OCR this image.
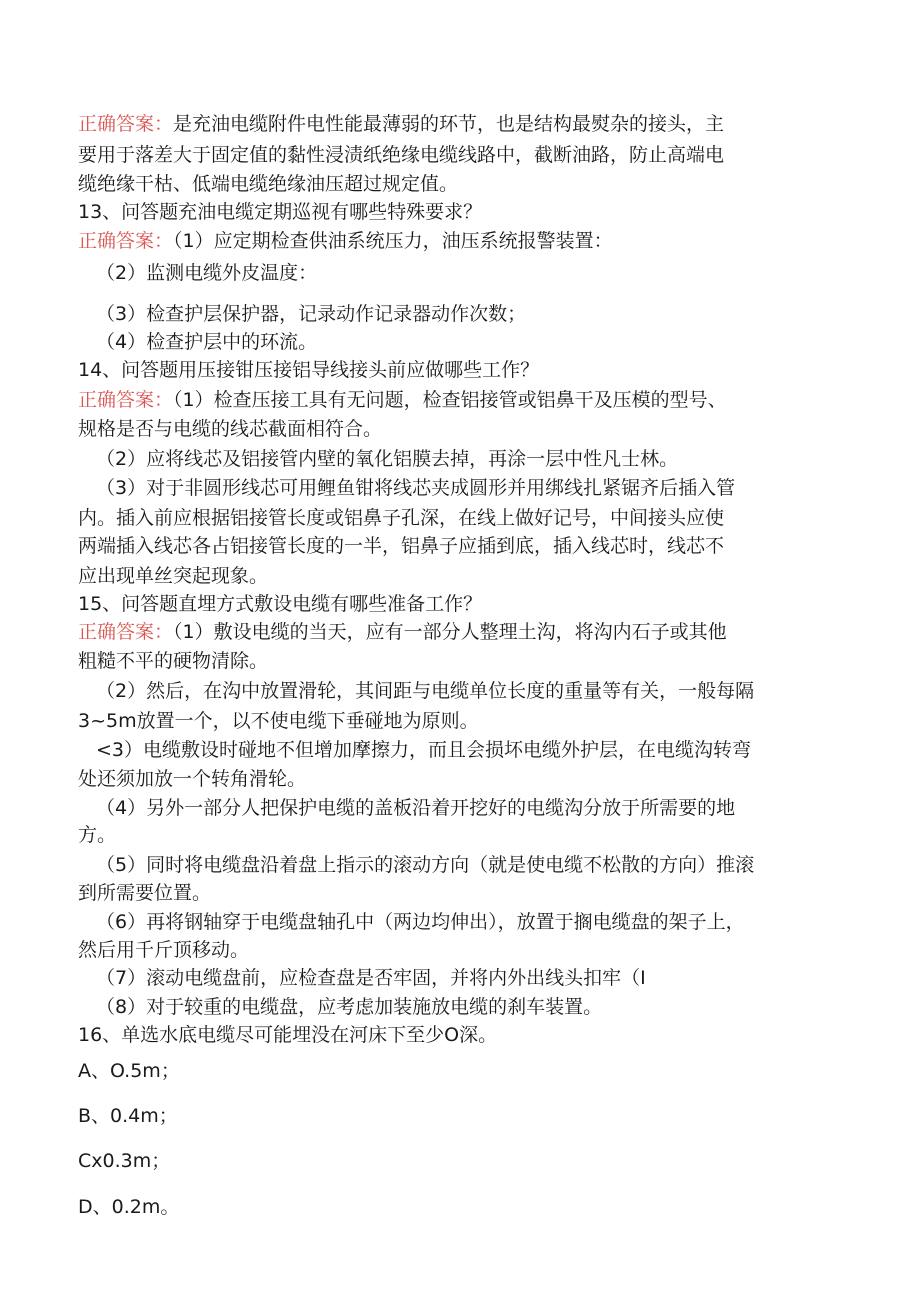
正确答案：是充油电缆附件电性能最薄弱的环节，也是结构最熨杂的接头，主
要用于落差大于固定值的黏性浸渍纸绝缘电缆线路中，截断油路，防止高端电
缆绝缘干枯、低端电缆绝缘油压超过规定值。
13、问答题充油电缆定期巡视有哪些特殊要求？
正确答案：（1）应定期检查供油系统压力，油压系统报警装置：
（2）监测电缆外皮温度：
（3）检查护层保护器，记录动作记录器动作次数；
（4）检查护层中的环流。
14、问答题用压接钳压接铝导线接头前应做哪些工作？
正确答案：（1）检查压接工具有无问题，检查铝接管或铝鼻干及压模的型号、
规格是否与电缆的线芯截面相符合。
（2）应将线芯及铝接管内壁的氧化铝膜去掉，再涂一层中性凡士林。
（3）对于非圆形线芯可用鲤鱼钳将线芯夹成圆形并用绑线扎紧锯齐后插入管
内。插入前应根据铝接管长度或铝鼻子孔深，在线上做好记号，中间接头应使
两端插入线芯各占铝接管长度的一半，铝鼻子应插到底，插入线芯时，线芯不
应出现单丝突起现象。
15、问答题直埋方式敷设电缆有哪些准备工作？
正确答案：（1）敷设电缆的当天，应有一部分人整理土沟，将沟内石子或其他
粗糙不平的硬物清除。
（2）然后，在沟中放置滑轮，其间距与电缆单位长度的重量等有关，一般每隔
3~5m放置一个，以不使电缆下垂碰地为原则。
<3）电缆敷设时碰地不但增加摩擦力，而且会损坏电缆外护层，在电缆沟转弯
处还须加放一个转角滑轮。
（4）另外一部分人把保护电缆的盖板沿着开挖好的电缆沟分放于所需要的地
方。
（5）同时将电缆盘沿着盘上指示的滚动方向（就是使电缆不松散的方向）推滚
到所需要位置。
（6）再将钢轴穿于电缆盘轴孔中（两边均伸出），放置于搁电缆盘的架子上，
然后用千斤顶移动。
（7）滚动电缆盘前，应检查盘是否牢固，并将内外出线头扣牢（I
（8）对于较重的电缆盘，应考虑加装施放电缆的刹车装置。
16、单选水底电缆尽可能埋没在河床下至少O深。
A、O.5m；
B、0.4m；
Cx0.3m；
D、0.2m。
